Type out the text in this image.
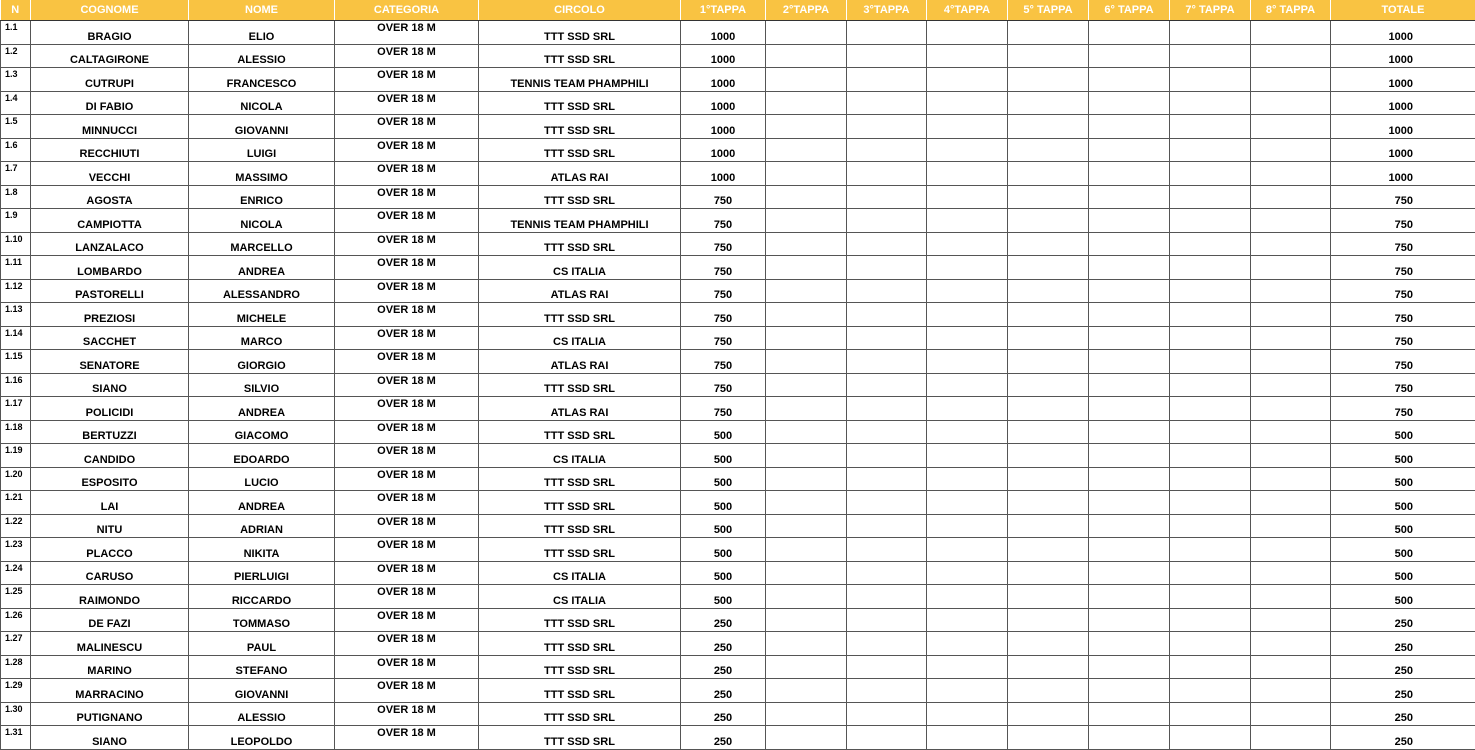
N	COGNOME	NOME	CATEGORIA	CIRCOLO	1°TAPPA	2°TAPPA	3°TAPPA	4°TAPPA	5° TAPPA	6° TAPPA	7° TAPPA	8° TAPPA	TOTALE
1.1	BRAGIO	ELIO	OVER 18 M	TTT SSD SRL	1000								1000
1.2	CALTAGIRONE	ALESSIO	OVER 18 M	TTT SSD SRL	1000								1000
1.3	CUTRUPI	FRANCESCO	OVER 18 M	TENNIS TEAM PHAMPHILI	1000								1000
1.4	DI FABIO	NICOLA	OVER 18 M	TTT SSD SRL	1000								1000
1.5	MINNUCCI	GIOVANNI	OVER 18 M	TTT SSD SRL	1000								1000
1.6	RECCHIUTI	LUIGI	OVER 18 M	TTT SSD SRL	1000								1000
1.7	VECCHI	MASSIMO	OVER 18 M	ATLAS RAI	1000								1000
1.8	AGOSTA	ENRICO	OVER 18 M	TTT SSD SRL	750								750
1.9	CAMPIOTTA	NICOLA	OVER 18 M	TENNIS TEAM PHAMPHILI	750								750
1.10	LANZALACO	MARCELLO	OVER 18 M	TTT SSD SRL	750								750
1.11	LOMBARDO	ANDREA	OVER 18 M	CS ITALIA	750								750
1.12	PASTORELLI	ALESSANDRO	OVER 18 M	ATLAS RAI	750								750
1.13	PREZIOSI	MICHELE	OVER 18 M	TTT SSD SRL	750								750
1.14	SACCHET	MARCO	OVER 18 M	CS ITALIA	750								750
1.15	SENATORE	GIORGIO	OVER 18 M	ATLAS RAI	750								750
1.16	SIANO	SILVIO	OVER 18 M	TTT SSD SRL	750								750
1.17	POLICIDI	ANDREA	OVER 18 M	ATLAS RAI	750								750
1.18	BERTUZZI	GIACOMO	OVER 18 M	TTT SSD SRL	500								500
1.19	CANDIDO	EDOARDO	OVER 18 M	CS ITALIA	500								500
1.20	ESPOSITO	LUCIO	OVER 18 M	TTT SSD SRL	500								500
1.21	LAI	ANDREA	OVER 18 M	TTT SSD SRL	500								500
1.22	NITU	ADRIAN	OVER 18 M	TTT SSD SRL	500								500
1.23	PLACCO	NIKITA	OVER 18 M	TTT SSD SRL	500								500
1.24	CARUSO	PIERLUIGI	OVER 18 M	CS ITALIA	500								500
1.25	RAIMONDO	RICCARDO	OVER 18 M	CS ITALIA	500								500
1.26	DE FAZI	TOMMASO	OVER 18 M	TTT SSD SRL	250								250
1.27	MALINESCU	PAUL	OVER 18 M	TTT SSD SRL	250								250
1.28	MARINO	STEFANO	OVER 18 M	TTT SSD SRL	250								250
1.29	MARRACINO	GIOVANNI	OVER 18 M	TTT SSD SRL	250								250
1.30	PUTIGNANO	ALESSIO	OVER 18 M	TTT SSD SRL	250								250
1.31	SIANO	LEOPOLDO	OVER 18 M	TTT SSD SRL	250								250
